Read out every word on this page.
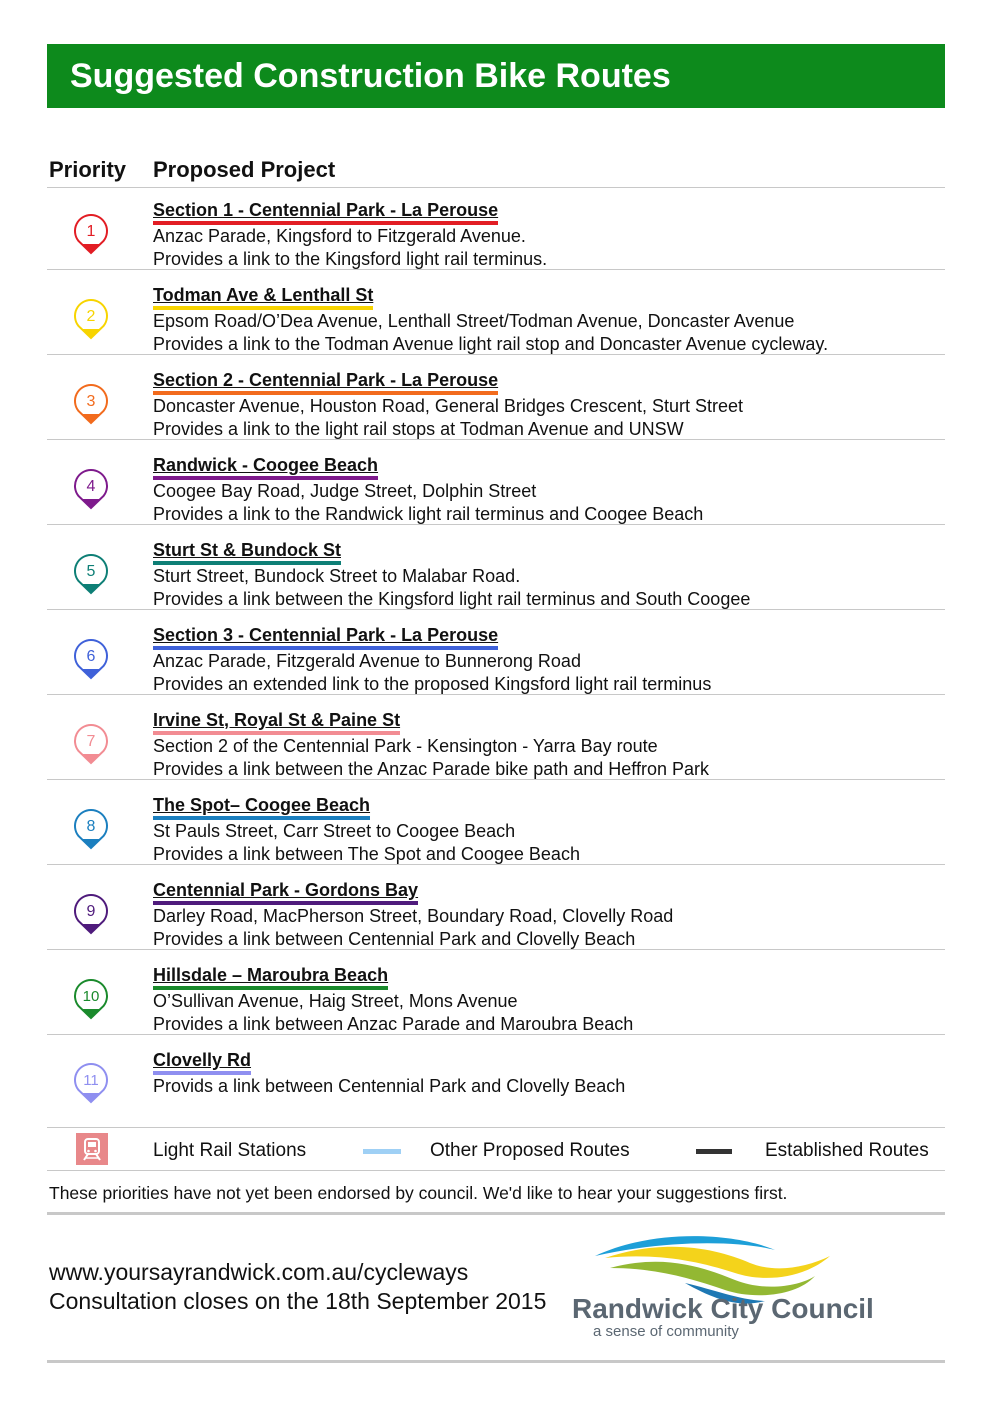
Suggested Construction Bike Routes
Priority Proposed Project
1
Section 1 - Centennial Park - La Perouse
Anzac Parade, Kingsford to Fitzgerald Avenue.
Provides a link to the Kingsford light rail terminus.
2
Todman Ave & Lenthall St
Epsom Road/O’Dea Avenue, Lenthall Street/Todman Avenue, Doncaster Avenue
Provides a link to the Todman Avenue light rail stop and Doncaster Avenue cycleway.
3
Section 2 - Centennial Park - La Perouse
Doncaster Avenue, Houston Road, General Bridges Crescent, Sturt Street
Provides a link to the light rail stops at Todman Avenue and UNSW
4
Randwick - Coogee Beach
Coogee Bay Road, Judge Street, Dolphin Street
Provides a link to the Randwick light rail terminus and Coogee Beach
5
Sturt St & Bundock St
Sturt Street, Bundock Street to Malabar Road.
Provides a link between the Kingsford light rail terminus and South Coogee
6
Section 3 - Centennial Park - La Perouse
Anzac Parade, Fitzgerald Avenue to Bunnerong Road
Provides an extended link to the proposed Kingsford light rail terminus
7
Irvine St, Royal St & Paine St
Section 2 of the Centennial Park - Kensington - Yarra Bay route
Provides a link between the Anzac Parade bike path and Heffron Park
8
The Spot– Coogee Beach
St Pauls Street, Carr Street to Coogee Beach
Provides a link between The Spot and Coogee Beach
9
Centennial Park - Gordons Bay
Darley Road, MacPherson Street, Boundary Road, Clovelly Road
Provides a link between Centennial Park and Clovelly Beach
10
Hillsdale – Maroubra Beach
O’Sullivan Avenue, Haig Street, Mons Avenue
Provides a link between Anzac Parade and Maroubra Beach
11
Clovelly Rd
Provids a link between Centennial Park and Clovelly Beach
Light Rail Stations	Other Proposed Routes	Established Routes
These priorities have not yet been endorsed by council. We'd like to hear your suggestions first.
www.yoursayrandwick.com.au/cycleways
Consultation closes on the 18th September 2015 Randwick City Council
a sense of community
